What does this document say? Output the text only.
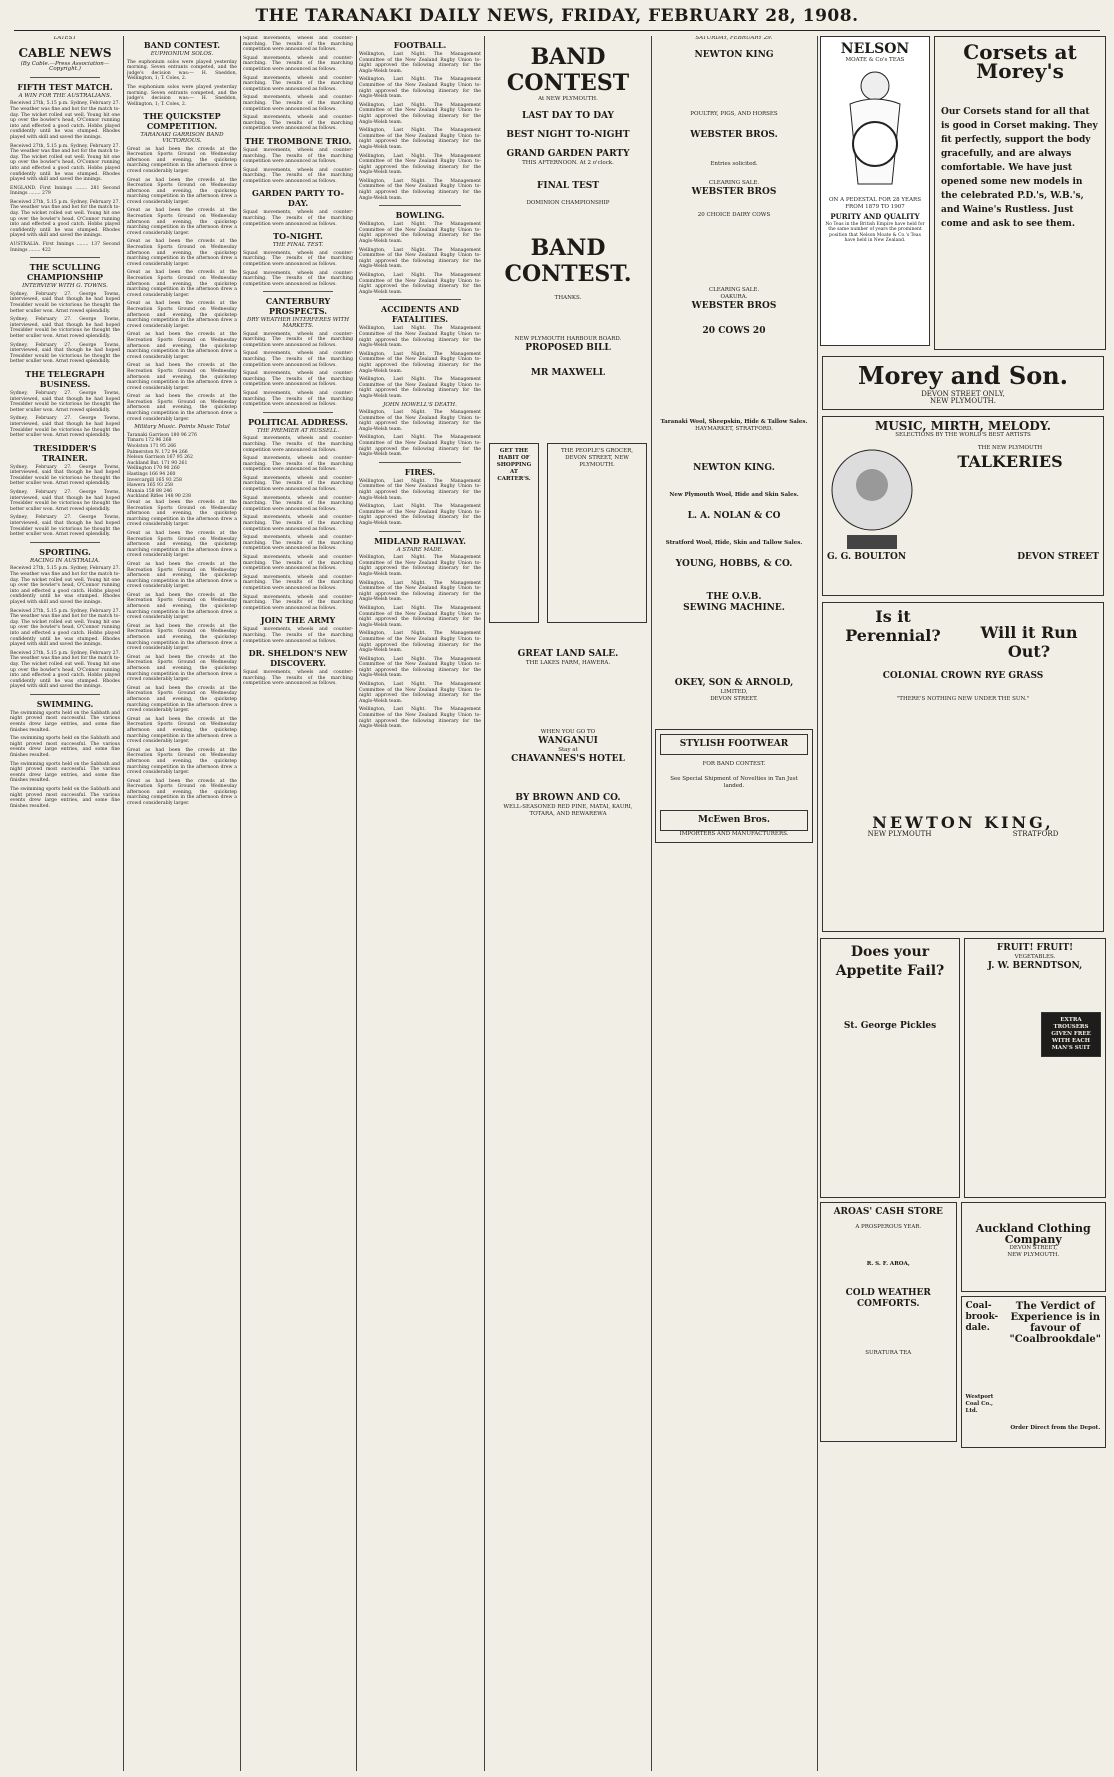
THE TARANAKI DAILY NEWS, FRIDAY, FEBRUARY 28, 1908.
LATEST
CABLE NEWS
(By Cable.—Press Association—Copyright.)
FIFTH TEST MATCH.
A WIN FOR THE AUSTRALIANS.

Received 27th, 5.15 p.m. Sydney, February 27. The weather was fine and hot for the match to-day. The wicket rolled out well. Young hit one up over the bowler's head, O'Connor running into and effected a good catch. Hobbs played confidently until he was stumped. Rhodes played with skill and saved the innings.

Received 27th, 5.15 p.m. Sydney, February 27. The weather was fine and hot for the match to-day. The wicket rolled out well. Young hit one up over the bowler's head, O'Connor running into and effected a good catch. Hobbs played confidently until he was stumped. Rhodes played with skill and saved the innings.

ENGLAND. First Innings ........ 281 Second Innings ........ 279

Received 27th, 5.15 p.m. Sydney, February 27. The weather was fine and hot for the match to-day. The wicket rolled out well. Young hit one up over the bowler's head, O'Connor running into and effected a good catch. Hobbs played confidently until he was stumped. Rhodes played with skill and saved the innings.

AUSTRALIA. First Innings ........ 137 Second Innings ........ 422

THE SCULLING CHAMPIONSHIP
INTERVIEW WITH G. TOWNS.

Sydney, February 27. George Towns, interviewed, said that though he had hoped Tresidder would be victorious he thought the better sculler won. Arnst rowed splendidly.

Sydney, February 27. George Towns, interviewed, said that though he had hoped Tresidder would be victorious he thought the better sculler won. Arnst rowed splendidly.

Sydney, February 27. George Towns, interviewed, said that though he had hoped Tresidder would be victorious he thought the better sculler won. Arnst rowed splendidly.

THE TELEGRAPH BUSINESS.

Sydney, February 27. George Towns, interviewed, said that though he had hoped Tresidder would be victorious he thought the better sculler won. Arnst rowed splendidly.

Sydney, February 27. George Towns, interviewed, said that though he had hoped Tresidder would be victorious he thought the better sculler won. Arnst rowed splendidly.

TRESIDDER'S TRAINER.

Sydney, February 27. George Towns, interviewed, said that though he had hoped Tresidder would be victorious he thought the better sculler won. Arnst rowed splendidly.

Sydney, February 27. George Towns, interviewed, said that though he had hoped Tresidder would be victorious he thought the better sculler won. Arnst rowed splendidly.

Sydney, February 27. George Towns, interviewed, said that though he had hoped Tresidder would be victorious he thought the better sculler won. Arnst rowed splendidly.

SPORTING.
RACING IN AUSTRALIA.

Received 27th, 5.15 p.m. Sydney, February 27. The weather was fine and hot for the match to-day. The wicket rolled out well. Young hit one up over the bowler's head, O'Connor running into and effected a good catch. Hobbs played confidently until he was stumped. Rhodes played with skill and saved the innings.

Received 27th, 5.15 p.m. Sydney, February 27. The weather was fine and hot for the match to-day. The wicket rolled out well. Young hit one up over the bowler's head, O'Connor running into and effected a good catch. Hobbs played confidently until he was stumped. Rhodes played with skill and saved the innings.

Received 27th, 5.15 p.m. Sydney, February 27. The weather was fine and hot for the match to-day. The wicket rolled out well. Young hit one up over the bowler's head, O'Connor running into and effected a good catch. Hobbs played confidently until he was stumped. Rhodes played with skill and saved the innings.

SWIMMING.

The swimming sports held on the Sabbath and night proved most successful. The various events drew large entries, and some fine finishes resulted.

The swimming sports held on the Sabbath and night proved most successful. The various events drew large entries, and some fine finishes resulted.

The swimming sports held on the Sabbath and night proved most successful. The various events drew large entries, and some fine finishes resulted.

The swimming sports held on the Sabbath and night proved most successful. The various events drew large entries, and some fine finishes resulted.

BAND CONTEST.
EUPHONIUM SOLOS.

The euphonium solos were played yesterday morning. Seven entrants competed, and the judge's decision was:— H. Sneddon, Wellington, 1; T. Coles, 2.

The euphonium solos were played yesterday morning. Seven entrants competed, and the judge's decision was:— H. Sneddon, Wellington, 1; T. Coles, 2.

THE QUICKSTEP COMPETITION.
TARANAKI GARRISON BAND VICTORIOUS.

Great as had been the crowds at the Recreation Sports Ground on Wednesday afternoon and evening, the quickstep marching competition in the afternoon drew a crowd considerably larger.

Great as had been the crowds at the Recreation Sports Ground on Wednesday afternoon and evening, the quickstep marching competition in the afternoon drew a crowd considerably larger.

Great as had been the crowds at the Recreation Sports Ground on Wednesday afternoon and evening, the quickstep marching competition in the afternoon drew a crowd considerably larger.

Great as had been the crowds at the Recreation Sports Ground on Wednesday afternoon and evening, the quickstep marching competition in the afternoon drew a crowd considerably larger.

Great as had been the crowds at the Recreation Sports Ground on Wednesday afternoon and evening, the quickstep marching competition in the afternoon drew a crowd considerably larger.

Great as had been the crowds at the Recreation Sports Ground on Wednesday afternoon and evening, the quickstep marching competition in the afternoon drew a crowd considerably larger.

Great as had been the crowds at the Recreation Sports Ground on Wednesday afternoon and evening, the quickstep marching competition in the afternoon drew a crowd considerably larger.

Great as had been the crowds at the Recreation Sports Ground on Wednesday afternoon and evening, the quickstep marching competition in the afternoon drew a crowd considerably larger.

Great as had been the crowds at the Recreation Sports Ground on Wednesday afternoon and evening, the quickstep marching competition in the afternoon drew a crowd considerably larger.

Military Music. Points Music Total
Taranaki Garrison 180 96 276
Timaru 172 96 268
Woolston 171 95 266
Palmerston N. 172 94 266
Nelson Garrison 167 95 262
Auckland Bat. 171 90 261
Wellington 170 90 260
Hastings 166 94 260
Invercargill 165 93 258
Hawera 165 93 258
Manaia 158 88 246
Auckland Rifles 148 90 238

Great as had been the crowds at the Recreation Sports Ground on Wednesday afternoon and evening, the quickstep marching competition in the afternoon drew a crowd considerably larger.

Great as had been the crowds at the Recreation Sports Ground on Wednesday afternoon and evening, the quickstep marching competition in the afternoon drew a crowd considerably larger.

Great as had been the crowds at the Recreation Sports Ground on Wednesday afternoon and evening, the quickstep marching competition in the afternoon drew a crowd considerably larger.

Great as had been the crowds at the Recreation Sports Ground on Wednesday afternoon and evening, the quickstep marching competition in the afternoon drew a crowd considerably larger.

Great as had been the crowds at the Recreation Sports Ground on Wednesday afternoon and evening, the quickstep marching competition in the afternoon drew a crowd considerably larger.

Great as had been the crowds at the Recreation Sports Ground on Wednesday afternoon and evening, the quickstep marching competition in the afternoon drew a crowd considerably larger.

Great as had been the crowds at the Recreation Sports Ground on Wednesday afternoon and evening, the quickstep marching competition in the afternoon drew a crowd considerably larger.

Great as had been the crowds at the Recreation Sports Ground on Wednesday afternoon and evening, the quickstep marching competition in the afternoon drew a crowd considerably larger.

Great as had been the crowds at the Recreation Sports Ground on Wednesday afternoon and evening, the quickstep marching competition in the afternoon drew a crowd considerably larger.

Great as had been the crowds at the Recreation Sports Ground on Wednesday afternoon and evening, the quickstep marching competition in the afternoon drew a crowd considerably larger.

Squad movements, wheels and counter-marching. The results of the marching competition were announced as follows.

Squad movements, wheels and counter-marching. The results of the marching competition were announced as follows.

Squad movements, wheels and counter-marching. The results of the marching competition were announced as follows.

Squad movements, wheels and counter-marching. The results of the marching competition were announced as follows.

Squad movements, wheels and counter-marching. The results of the marching competition were announced as follows.

THE TROMBONE TRIO.

Squad movements, wheels and counter-marching. The results of the marching competition were announced as follows.

Squad movements, wheels and counter-marching. The results of the marching competition were announced as follows.

GARDEN PARTY TO-DAY.

Squad movements, wheels and counter-marching. The results of the marching competition were announced as follows.

TO-NIGHT.
THE FINAL TEST.

Squad movements, wheels and counter-marching. The results of the marching competition were announced as follows.

Squad movements, wheels and counter-marching. The results of the marching competition were announced as follows.

CANTERBURY PROSPECTS.
DRY WEATHER INTERFERES WITH MARKETS.

Squad movements, wheels and counter-marching. The results of the marching competition were announced as follows.

Squad movements, wheels and counter-marching. The results of the marching competition were announced as follows.

Squad movements, wheels and counter-marching. The results of the marching competition were announced as follows.

Squad movements, wheels and counter-marching. The results of the marching competition were announced as follows.

POLITICAL ADDRESS.
THE PREMIER AT RUSSELL.

Squad movements, wheels and counter-marching. The results of the marching competition were announced as follows.

Squad movements, wheels and counter-marching. The results of the marching competition were announced as follows.

Squad movements, wheels and counter-marching. The results of the marching competition were announced as follows.

Squad movements, wheels and counter-marching. The results of the marching competition were announced as follows.

Squad movements, wheels and counter-marching. The results of the marching competition were announced as follows.

Squad movements, wheels and counter-marching. The results of the marching competition were announced as follows.

Squad movements, wheels and counter-marching. The results of the marching competition were announced as follows.

Squad movements, wheels and counter-marching. The results of the marching competition were announced as follows.

Squad movements, wheels and counter-marching. The results of the marching competition were announced as follows.

JOIN THE ARMY

Squad movements, wheels and counter-marching. The results of the marching competition were announced as follows.

DR. SHELDON'S NEW DISCOVERY.

Squad movements, wheels and counter-marching. The results of the marching competition were announced as follows.

FOOTBALL.

Wellington, Last Night. The Management Committee of the New Zealand Rugby Union to-night approved the following itinerary for the Anglo-Welsh team.

Wellington, Last Night. The Management Committee of the New Zealand Rugby Union to-night approved the following itinerary for the Anglo-Welsh team.

Wellington, Last Night. The Management Committee of the New Zealand Rugby Union to-night approved the following itinerary for the Anglo-Welsh team.

Wellington, Last Night. The Management Committee of the New Zealand Rugby Union to-night approved the following itinerary for the Anglo-Welsh team.

Wellington, Last Night. The Management Committee of the New Zealand Rugby Union to-night approved the following itinerary for the Anglo-Welsh team.

Wellington, Last Night. The Management Committee of the New Zealand Rugby Union to-night approved the following itinerary for the Anglo-Welsh team.

BOWLING.

Wellington, Last Night. The Management Committee of the New Zealand Rugby Union to-night approved the following itinerary for the Anglo-Welsh team.

Wellington, Last Night. The Management Committee of the New Zealand Rugby Union to-night approved the following itinerary for the Anglo-Welsh team.

Wellington, Last Night. The Management Committee of the New Zealand Rugby Union to-night approved the following itinerary for the Anglo-Welsh team.

ACCIDENTS AND FATALITIES.

Wellington, Last Night. The Management Committee of the New Zealand Rugby Union to-night approved the following itinerary for the Anglo-Welsh team.

Wellington, Last Night. The Management Committee of the New Zealand Rugby Union to-night approved the following itinerary for the Anglo-Welsh team.

Wellington, Last Night. The Management Committee of the New Zealand Rugby Union to-night approved the following itinerary for the Anglo-Welsh team.

JOHN HOWELL'S DEATH.

Wellington, Last Night. The Management Committee of the New Zealand Rugby Union to-night approved the following itinerary for the Anglo-Welsh team.

Wellington, Last Night. The Management Committee of the New Zealand Rugby Union to-night approved the following itinerary for the Anglo-Welsh team.

FIRES.

Wellington, Last Night. The Management Committee of the New Zealand Rugby Union to-night approved the following itinerary for the Anglo-Welsh team.

Wellington, Last Night. The Management Committee of the New Zealand Rugby Union to-night approved the following itinerary for the Anglo-Welsh team.

MIDLAND RAILWAY.
A STARE MADE.

Wellington, Last Night. The Management Committee of the New Zealand Rugby Union to-night approved the following itinerary for the Anglo-Welsh team.

Wellington, Last Night. The Management Committee of the New Zealand Rugby Union to-night approved the following itinerary for the Anglo-Welsh team.

Wellington, Last Night. The Management Committee of the New Zealand Rugby Union to-night approved the following itinerary for the Anglo-Welsh team.

Wellington, Last Night. The Management Committee of the New Zealand Rugby Union to-night approved the following itinerary for the Anglo-Welsh team.

Wellington, Last Night. The Management Committee of the New Zealand Rugby Union to-night approved the following itinerary for the Anglo-Welsh team.

Wellington, Last Night. The Management Committee of the New Zealand Rugby Union to-night approved the following itinerary for the Anglo-Welsh team.

Wellington, Last Night. The Management Committee of the New Zealand Rugby Union to-night approved the following itinerary for the Anglo-Welsh team.

BAND
CONTEST
At NEW PLYMOUTH.
LAST DAY TO DAY
BEST NIGHT TO-NIGHT
GRAND GARDEN PARTY
THIS AFTERNOON. At 2 o'clock.
FINAL TEST
DOMINION CHAMPIONSHIP
BAND
CONTEST.
THANKS.
NEW PLYMOUTH HARBOUR BOARD.
PROPOSED BILL
MR MAXWELL
GET THE HABIT OF SHOPPING AT CARTER'S.
THE PEOPLE'S GROCER, DEVON STREET, NEW PLYMOUTH.
GREAT LAND SALE.
THE LAKES FARM, HAWERA.
WHEN YOU GO TO
WANGANUI
Stay at
CHAVANNES'S HOTEL
BY BROWN AND CO.
WELL-SEASONED RED PINE, MATAI, KAURI, TOTARA, AND REWAREWA
SATURDAY, FEBRUARY 29.
NEWTON KING
POULTRY, PIGS, AND HORSES
WEBSTER BROS.
Entries solicited.
CLEARING SALE.
WEBSTER BROS
20 CHOICE DAIRY COWS
CLEARING SALE.
OAKURA.
WEBSTER BROS
20 COWS 20
Taranaki Wool, Sheepskin, Hide & Tallow Sales.
HAYMARKET, STRATFORD.
NEWTON KING.
New Plymouth Wool, Hide and Skin Sales.
L. A. NOLAN & CO
Stratford Wool, Hide, Skin and Tallow Sales.
YOUNG, HOBBS, & CO.
THE O.V.B.
SEWING MACHINE.
OKEY, SON & ARNOLD,
LIMITED,
DEVON STREET.
STYLISH FOOTWEAR
FOR BAND CONTEST.
See Special Shipment of Novelties in Tan Just landed.
McEwen Bros.
IMPORTERS AND MANUFACTURERS.
NELSON
MOATE & Co's TEAS
ON A PEDESTAL FOR 28 YEARS FROM 1879 TO 1907
PURITY AND QUALITY
No Teas in the British Empire have held for the same number of years the prominent position that Nelson Moate & Co.'s Teas have held in New Zealand.
Corsets at Morey's
Our Corsets stand for all that is good in Corset making. They fit perfectly, support the body gracefully, and are always comfortable. We have just opened some new models in the celebrated P.D.'s, W.B.'s, and Waine's Rustless. Just come and ask to see them.
Morey and Son.
DEVON STREET ONLY,
NEW PLYMOUTH.
MUSIC, MIRTH, MELODY.
SELECTIONS BY THE WORLD'S BEST ARTISTS
THE NEW PLYMOUTH
TALKERIES
G. G. BOULTON	DEVON STREET
Is it Perennial?	Will it Run Out?
COLONIAL CROWN RYE GRASS
"THERE'S NOTHING NEW UNDER THE SUN."
NEWTON KING,
NEW PLYMOUTH	STRATFORD
Does your Appetite Fail?
St. George Pickles
FRUIT! FRUIT!
VEGETABLES.
J. W. BERNDTSON,
EXTRA TROUSERS GIVEN FREE WITH EACH MAN'S SUIT
AROAS' CASH STORE
A PROSPEROUS YEAR.
R. S. F. AROA,
COLD WEATHER COMFORTS.
SURATURA TEA
Auckland Clothing Company
DEVON STREET,
NEW PLYMOUTH.
Coal-brook-dale.
Westport Coal Co., Ltd.
The Verdict of Experience is in favour of "Coalbrookdale"
Order Direct from the Depot.
